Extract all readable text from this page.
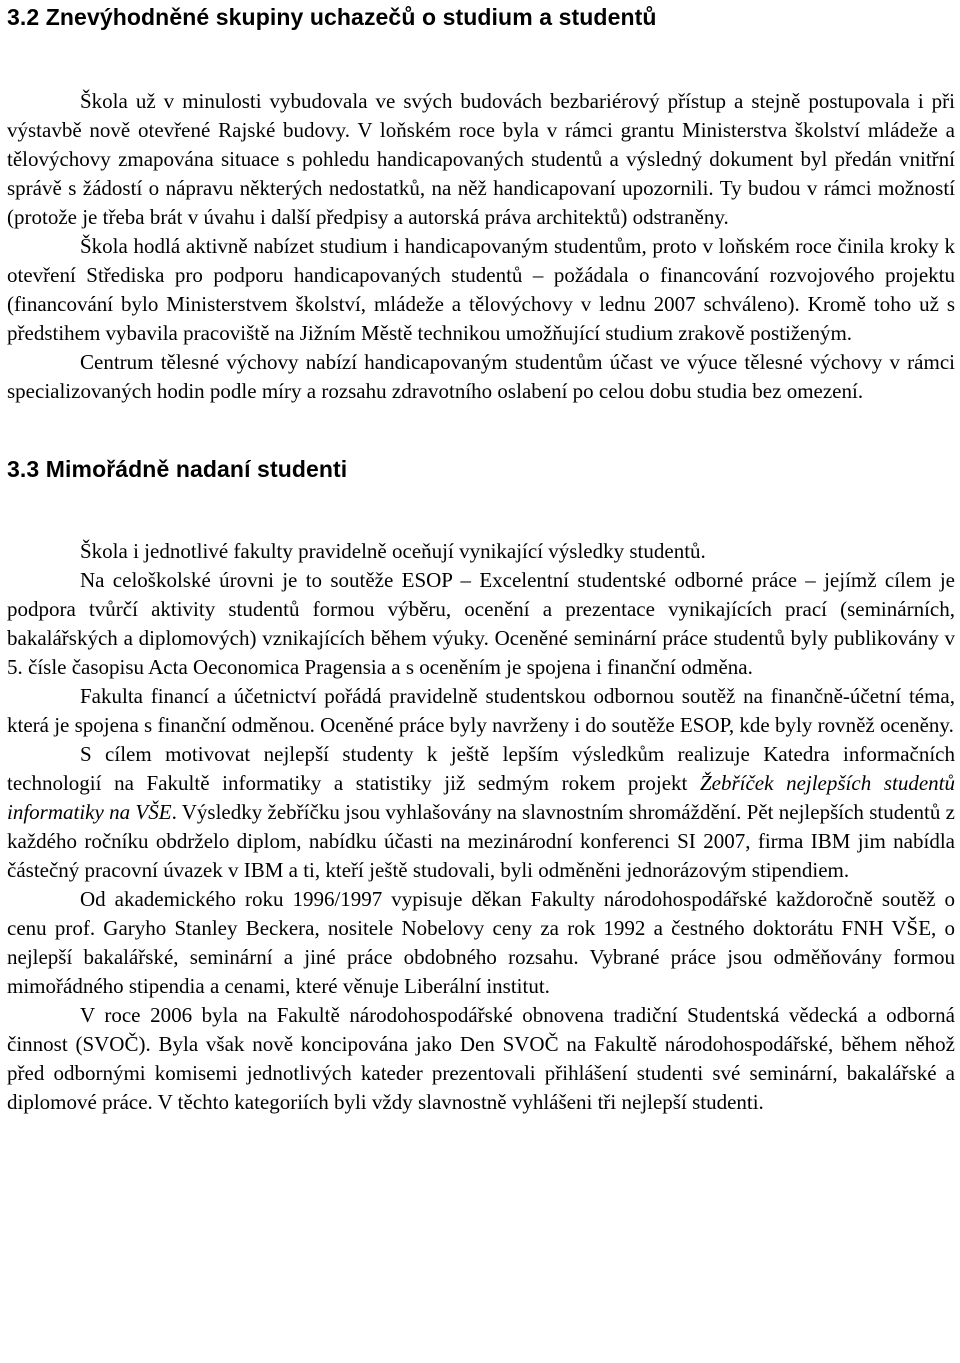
3.2 Znevýhodněné skupiny uchazečů o studium a studentů

Škola už v minulosti vybudovala ve svých budovách bezbariérový přístup a stejně postupovala i při výstavbě nově otevřené Rajské budovy. V loňském roce byla v rámci grantu Ministerstva školství mládeže a tělovýchovy zmapována situace s pohledu handicapovaných studentů a výsledný dokument byl předán vnitřní správě s žádostí o nápravu některých nedostatků, na něž handicapovaní upozornili. Ty budou v rámci možností (protože je třeba brát v úvahu i další předpisy a autorská práva architektů) odstraněny.

Škola hodlá aktivně nabízet studium i handicapovaným studentům, proto v loňském roce činila kroky k otevření Střediska pro podporu handicapovaných studentů – požádala o financování rozvojového projektu (financování bylo Ministerstvem školství, mládeže a tělovýchovy v lednu 2007 schváleno). Kromě toho už s předstihem vybavila pracoviště na Jižním Městě technikou umožňující studium zrakově postiženým.

Centrum tělesné výchovy nabízí handicapovaným studentům účast ve výuce tělesné výchovy v rámci specializovaných hodin podle míry a rozsahu zdravotního oslabení po celou dobu studia bez omezení.

3.3 Mimořádně nadaní studenti

Škola i jednotlivé fakulty pravidelně oceňují vynikající výsledky studentů.

Na celoškolské úrovni je to soutěže ESOP – Excelentní studentské odborné práce – jejímž cílem je podpora tvůrčí aktivity studentů formou výběru, ocenění a prezentace vynikajících prací (seminárních, bakalářských a diplomových) vznikajících během výuky. Oceněné seminární práce studentů byly publikovány v 5. čísle časopisu Acta Oeconomica Pragensia a s oceněním je spojena i finanční odměna.

Fakulta financí a účetnictví pořádá pravidelně studentskou odbornou soutěž na finančně-účetní téma, která je spojena s finanční odměnou. Oceněné práce byly navrženy i do soutěže ESOP, kde byly rovněž oceněny.

S cílem motivovat nejlepší studenty k ještě lepším výsledkům realizuje Katedra informačních technologií na Fakultě informatiky a statistiky již sedmým rokem projekt Žebříček nejlepších studentů informatiky na VŠE. Výsledky žebříčku jsou vyhlašovány na slavnostním shromáždění. Pět nejlepších studentů z každého ročníku obdrželo diplom, nabídku účasti na mezinárodní konferenci SI 2007, firma IBM jim nabídla částečný pracovní úvazek v IBM a ti, kteří ještě studovali, byli odměněni jednorázovým stipendiem.

Od akademického roku 1996/1997 vypisuje děkan Fakulty národohospodářské každoročně soutěž o cenu prof. Garyho Stanley Beckera, nositele Nobelovy ceny za rok 1992 a čestného doktorátu FNH VŠE, o nejlepší bakalářské, seminární a jiné práce obdobného rozsahu. Vybrané práce jsou odměňovány formou mimořádného stipendia a cenami, které věnuje Liberální institut.

V roce 2006 byla na Fakultě národohospodářské obnovena tradiční Studentská vědecká a odborná činnost (SVOČ). Byla však nově koncipována jako Den SVOČ na Fakultě národohospodářské, během něhož před odbornými komisemi jednotlivých kateder prezentovali přihlášení studenti své seminární, bakalářské a diplomové práce. V těchto kategoriích byli vždy slavnostně vyhlášeni tři nejlepší studenti.
